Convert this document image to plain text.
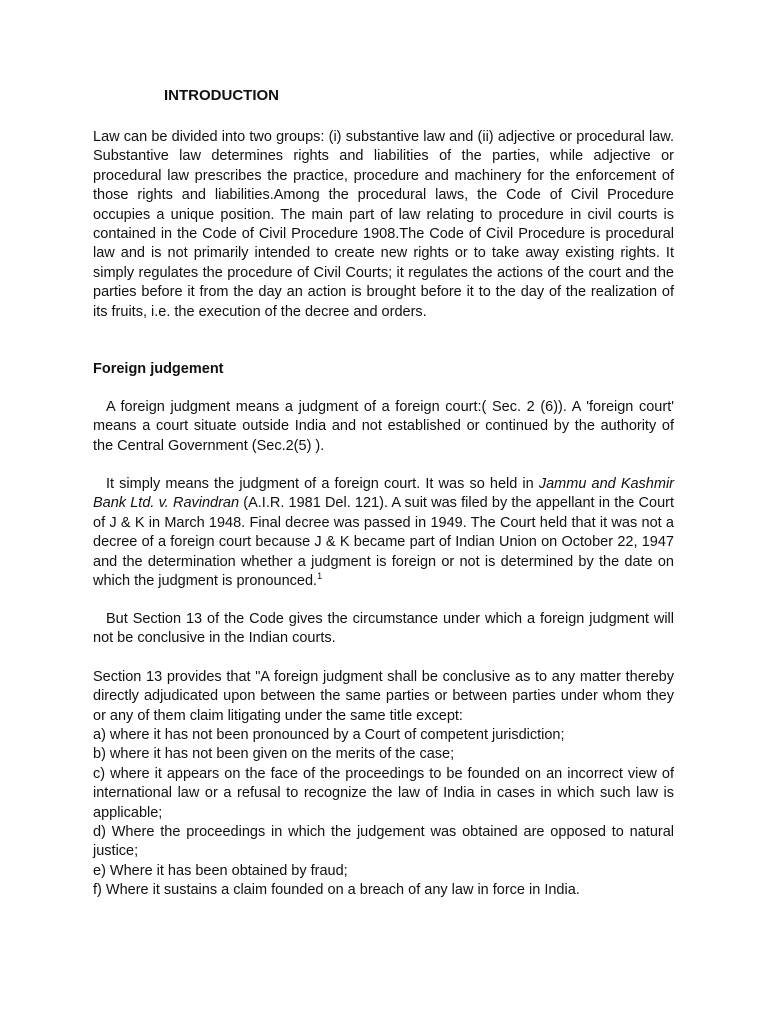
INTRODUCTION

Law can be divided into two groups: (i) substantive law and (ii) adjective or procedural law. Substantive law determines rights and liabilities of the parties, while adjective or procedural law prescribes the practice, procedure and machinery for the enforcement of those rights and liabilities.Among the procedural laws, the Code of Civil Procedure occupies a unique position. The main part of law relating to procedure in civil courts is contained in the Code of Civil Procedure 1908.The Code of Civil Procedure is procedural law and is not primarily intended to create new rights or to take away existing rights. It simply regulates the procedure of Civil Courts; it regulates the actions of the court and the parties before it from the day an action is brought before it to the day of the realization of its fruits, i.e. the execution of the decree and orders.

Foreign judgement

A foreign judgment means a judgment of a foreign court:( Sec. 2 (6)). A 'foreign court' means a court situate outside India and not established or continued by the authority of the Central Government (Sec.2(5) ).

It simply means the judgment of a foreign court. It was so held in Jammu and Kashmir Bank Ltd. v. Ravindran (A.I.R. 1981 Del. 121). A suit was filed by the appellant in the Court of J & K in March 1948. Final decree was passed in 1949. The Court held that it was not a decree of a foreign court because J & K became part of Indian Union on October 22, 1947 and the determination whether a judgment is foreign or not is determined by the date on which the judgment is pronounced.$^1$

But Section 13 of the Code gives the circumstance under which a foreign judgment will not be conclusive in the Indian courts.

Section 13 provides that "A foreign judgment shall be conclusive as to any matter thereby directly adjudicated upon between the same parties or between parties under whom they or any of them claim litigating under the same title except:

a) where it has not been pronounced by a Court of competent jurisdiction;
b) where it has not been given on the merits of the case;
c) where it appears on the face of the proceedings to be founded on an incorrect view of international law or a refusal to recognize the law of India in cases in which such law is applicable;
d) Where the proceedings in which the judgement was obtained are opposed to natural justice;
e) Where it has been obtained by fraud;
f) Where it sustains a claim founded on a breach of any law in force in India.
